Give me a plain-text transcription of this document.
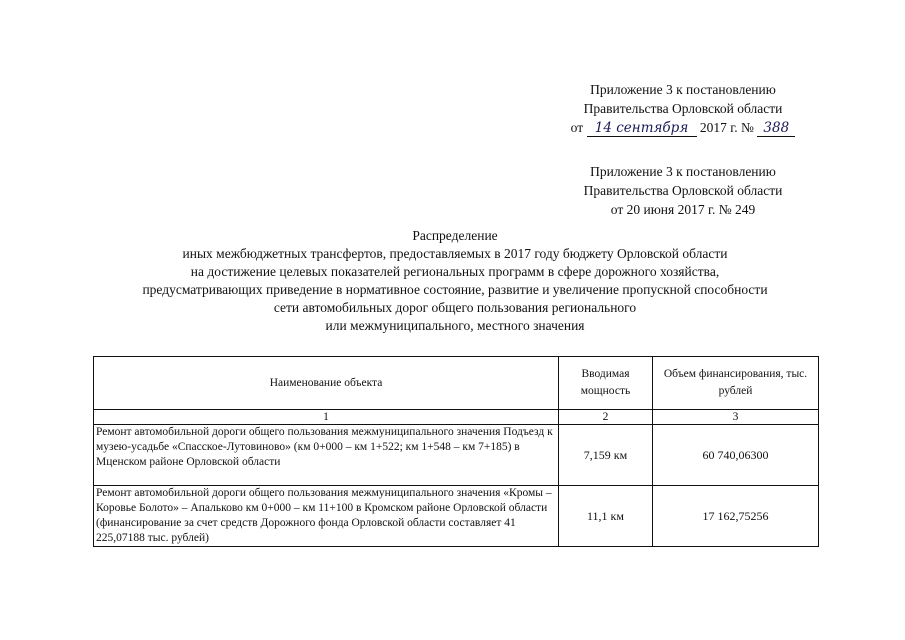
Приложение 3 к постановлению
Правительства Орловской области
от 14 сентября 2017 г. № 388
Приложение 3 к постановлению
Правительства Орловской области
от 20 июня 2017 г. № 249
Распределение
иных межбюджетных трансфертов, предоставляемых в 2017 году бюджету Орловской области
на достижение целевых показателей региональных программ в сфере дорожного хозяйства,
предусматривающих приведение в нормативное состояние, развитие и увеличение пропускной способности
сети автомобильных дорог общего пользования регионального
или межмуниципального, местного значения
Наименование объекта	Вводимая мощность	Объем финансирования, тыс. рублей
1	2	3
Ремонт автомобильной дороги общего пользования межмуниципального значения Подъезд к музею-усадьбе «Спасское-Лутовиново» (км 0+000 – км 1+522; км 1+548 – км 7+185) в Мценском районе Орловской области	7,159 км	60 740,06300
Ремонт автомобильной дороги общего пользования межмуниципального значения «Кромы – Коровье Болото» – Апальково км 0+000 – км 11+100 в Кромском районе Орловской области (финансирование за счет средств Дорожного фонда Орловской области составляет 41 225,07188 тыс. рублей)	11,1 км	17 162,75256
